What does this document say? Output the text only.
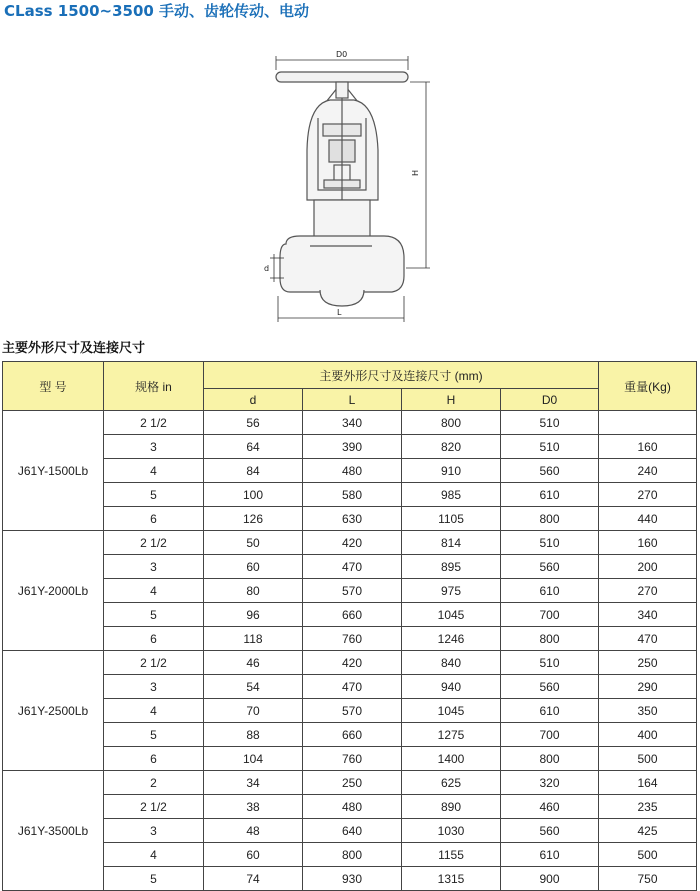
CLass 1500~3500 手动、齿轮传动、电动
D0
H
d
L
主要外形尺寸及连接尺寸
型 号	规格 in	主要外形尺寸及连接尺寸 (mm)				重量(Kg)
		d	L	H	D0	
J61Y-1500Lb	2 1/2	56	340	800	510	
	3	64	390	820	510	160
	4	84	480	910	560	240
	5	100	580	985	610	270
	6	126	630	1105	800	440
J61Y-2000Lb	2 1/2	50	420	814	510	160
	3	60	470	895	560	200
	4	80	570	975	610	270
	5	96	660	1045	700	340
	6	118	760	1246	800	470
J61Y-2500Lb	2 1/2	46	420	840	510	250
	3	54	470	940	560	290
	4	70	570	1045	610	350
	5	88	660	1275	700	400
	6	104	760	1400	800	500
J61Y-3500Lb	2	34	250	625	320	164
	2 1/2	38	480	890	460	235
	3	48	640	1030	560	425
	4	60	800	1155	610	500
	5	74	930	1315	900	750
